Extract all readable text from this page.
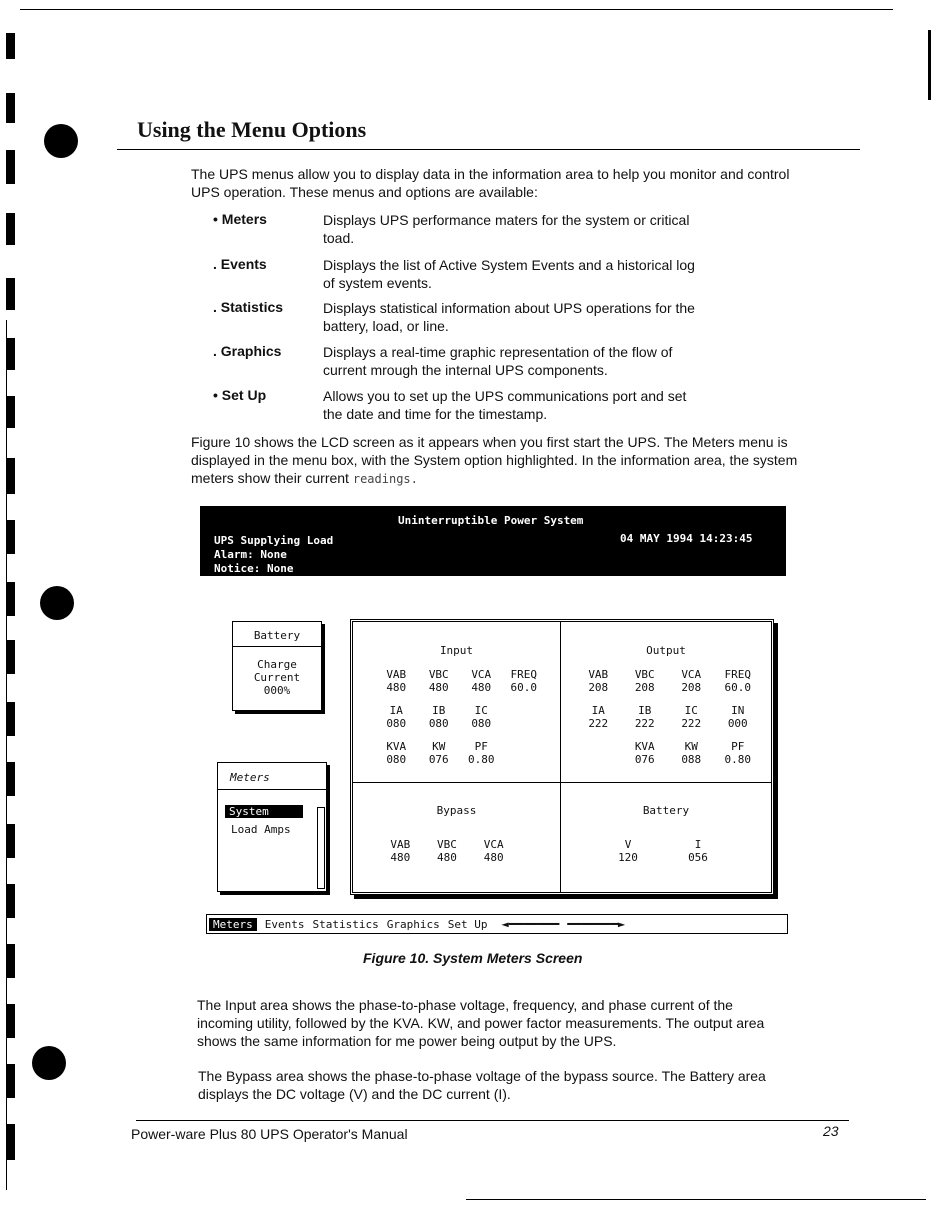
Using the Menu Options
The UPS menus allow you to display data in the information area to help you monitor and control UPS operation. These menus and options are available:
• Meters	Displays UPS performance maters for the system or critical toad.
. Events	Displays the list of Active System Events and a historical log of system events.
. Statistics	Displays statistical information about UPS operations for the battery, load, or line.
. Graphics	Displays a real-time graphic representation of the flow of current mrough the internal UPS components.
• Set Up	Allows you to set up the UPS communications port and set the date and time for the timestamp.
Figure 10 shows the LCD screen as it appears when you first start the UPS. The Meters menu is displayed in the menu box, with the System option highlighted. In the information area, the system meters show their current readings.
Uninterruptible Power System
UPS Supplying Load	04 MAY 1994 14:23:45
Alarm: None
Notice: None
Battery
Charge
Current
000%
Meters
System
Load Amps
Input
VAB	VBC	VCA	FREQ
480	480	480	60.0
IA	IB	IC
080	080	080
KVA	KW	PF
080	076	0.80
Output
VAB	VBC	VCA	FREQ
208	208	208	60.0
IA	IB	IC	IN
222	222	222	000
KVA	KW	PF
076	088	0.80
Bypass
VAB	VBC	VCA
480	480	480
Battery
V	I
120	056
Meters	Events Statistics Graphics Set Up ◄━━━━━━━ ━━━━━━━►
Figure 10. System Meters Screen
The Input area shows the phase-to-phase voltage, frequency, and phase current of the incoming utility, followed by the KVA. KW, and power factor measurements. The output area shows the same information for me power being output by the UPS.
The Bypass area shows the phase-to-phase voltage of the bypass source. The Battery area displays the DC voltage (V) and the DC current (I).
Power-ware Plus 80 UPS Operator's Manual	23
